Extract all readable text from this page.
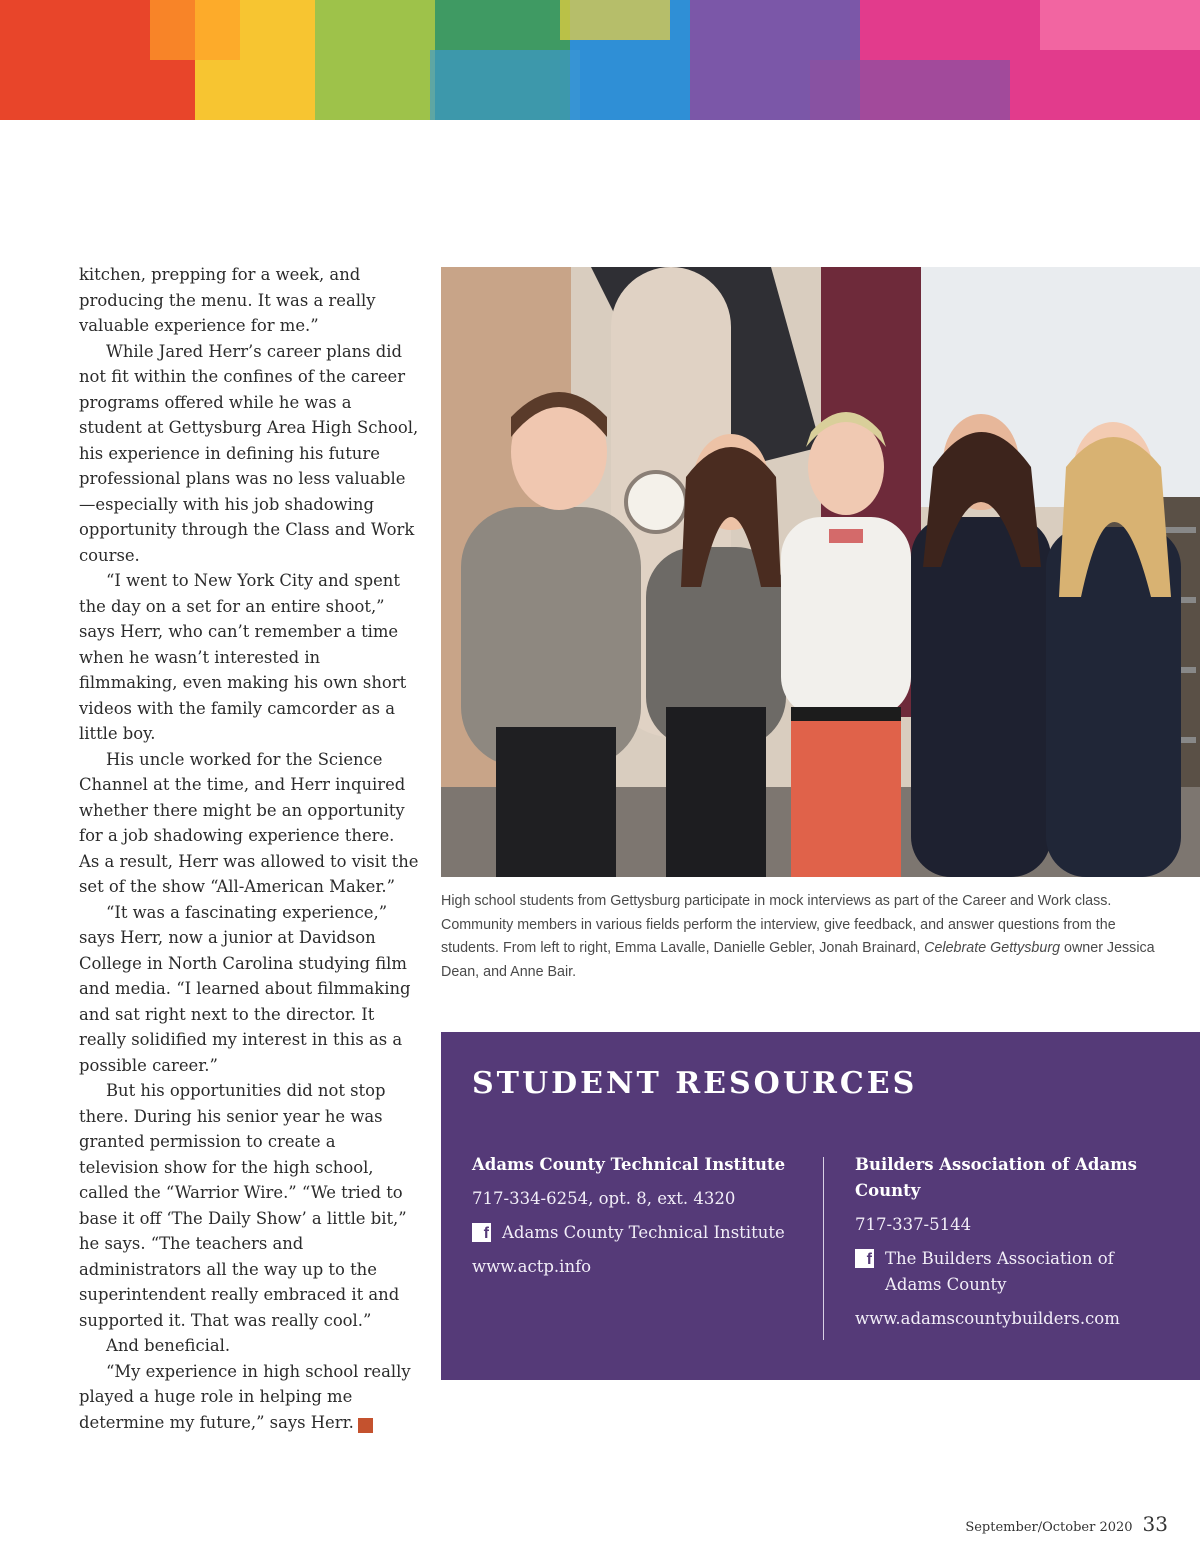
kitchen, prepping for a week, and producing the menu. It was a really valuable experience for me.”

While Jared Herr’s career plans did not fit within the confines of the career programs offered while he was a student at Gettysburg Area High School, his experience in defining his future professional plans was no less valuable—especially with his job shadowing opportunity through the Class and Work course.

“I went to New York City and spent the day on a set for an entire shoot,” says Herr, who can’t remember a time when he wasn’t interested in filmmaking, even making his own short videos with the family camcorder as a little boy.

His uncle worked for the Science Channel at the time, and Herr inquired whether there might be an opportunity for a job shadowing experience there. As a result, Herr was allowed to visit the set of the show “All-American Maker.”

“It was a fascinating experience,” says Herr, now a junior at Davidson College in North Carolina studying film and media. “I learned about filmmaking and sat right next to the director. It really solidified my interest in this as a possible career.”

But his opportunities did not stop there. During his senior year he was granted permission to create a television show for the high school, called the “Warrior Wire.” “We tried to base it off ‘The Daily Show’ a little bit,” he says. “The teachers and administrators all the way up to the superintendent really embraced it and supported it. That was really cool.”

And beneficial.

“My experience in high school really played a huge role in helping me determine my future,” says Herr.	G

High school students from Gettysburg participate in mock interviews as part of the Career and Work class. Community members in various fields perform the interview, give feedback, and answer questions from the students. From left to right, Emma Lavalle, Danielle Gebler, Jonah Brainard, Celebrate Gettysburg owner Jessica Dean, and Anne Bair.
STUDENT RESOURCES
Adams County Technical Institute
717-334-6254, opt. 8, ext. 4320
f Adams County Technical Institute
www.actp.info
Builders Association of Adams County
717-337-5144
f The Builders Association of Adams County
www.adamscountybuilders.com
September/October 2020 33
